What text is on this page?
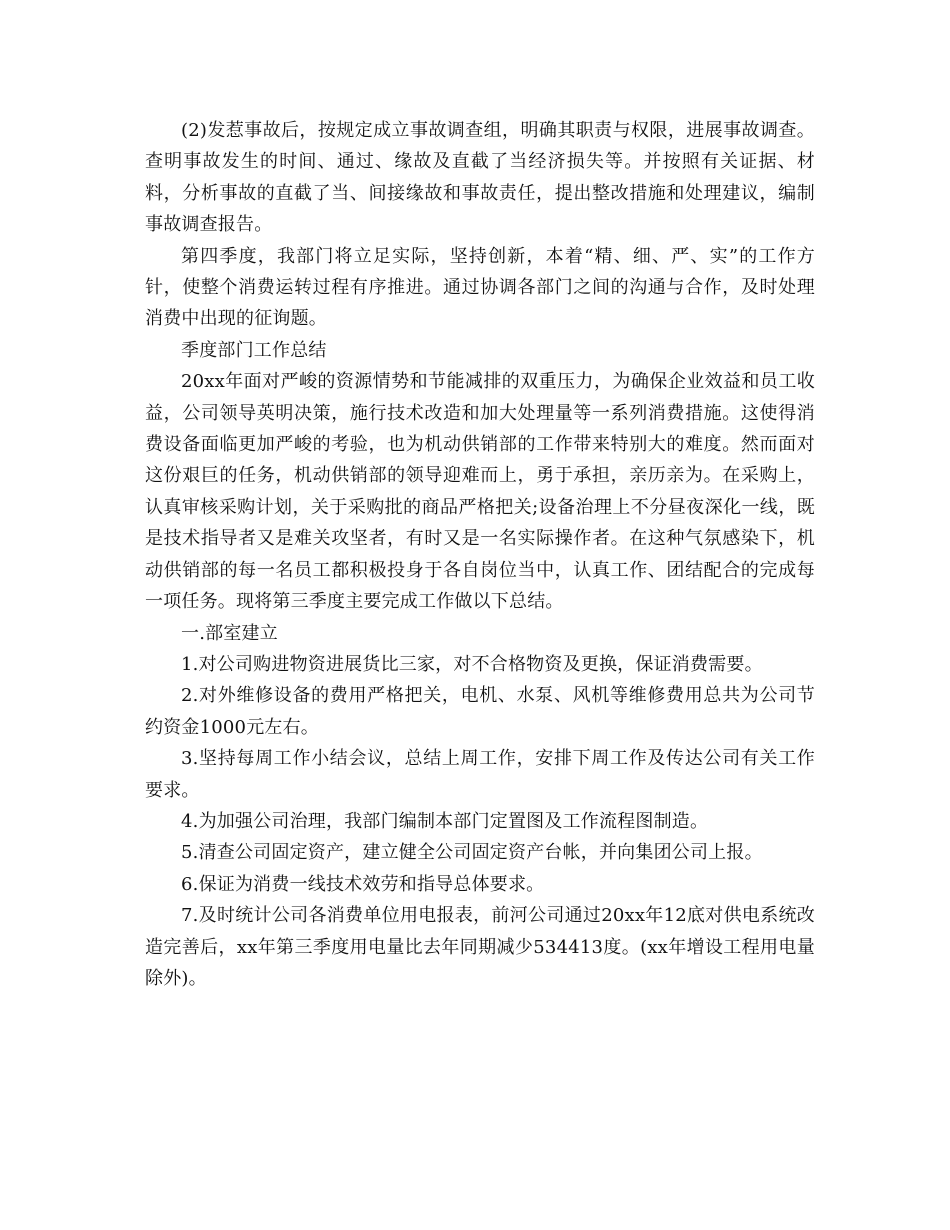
(2)发惹事故后，按规定成立事故调查组，明确其职责与权限，进展事故调查。查明事故发生的时间、通过、缘故及直截了当经济损失等。并按照有关证据、材料，分析事故的直截了当、间接缘故和事故责任，提出整改措施和处理建议，编制事故调查报告。

第四季度，我部门将立足实际，坚持创新，本着“精、细、严、实”的工作方针，使整个消费运转过程有序推进。通过协调各部门之间的沟通与合作，及时处理消费中出现的征询题。

季度部门工作总结

20xx年面对严峻的资源情势和节能减排的双重压力，为确保企业效益和员工收益，公司领导英明决策，施行技术改造和加大处理量等一系列消费措施。这使得消费设备面临更加严峻的考验，也为机动供销部的工作带来特别大的难度。然而面对这份艰巨的任务，机动供销部的领导迎难而上，勇于承担，亲历亲为。在采购上，认真审核采购计划，关于采购批的商品严格把关;设备治理上不分昼夜深化一线，既是技术指导者又是难关攻坚者，有时又是一名实际操作者。在这种气氛感染下，机动供销部的每一名员工都积极投身于各自岗位当中，认真工作、团结配合的完成每一项任务。现将第三季度主要完成工作做以下总结。

一.部室建立

1.对公司购进物资进展货比三家，对不合格物资及更换，保证消费需要。

2.对外维修设备的费用严格把关，电机、水泵、风机等维修费用总共为公司节约资金1000元左右。

3.坚持每周工作小结会议，总结上周工作，安排下周工作及传达公司有关工作要求。

4.为加强公司治理，我部门编制本部门定置图及工作流程图制造。

5.清查公司固定资产，建立健全公司固定资产台帐，并向集团公司上报。

6.保证为消费一线技术效劳和指导总体要求。

7.及时统计公司各消费单位用电报表，前河公司通过20xx年12底对供电系统改造完善后，xx年第三季度用电量比去年同期减少534413度。(xx年增设工程用电量除外)。
